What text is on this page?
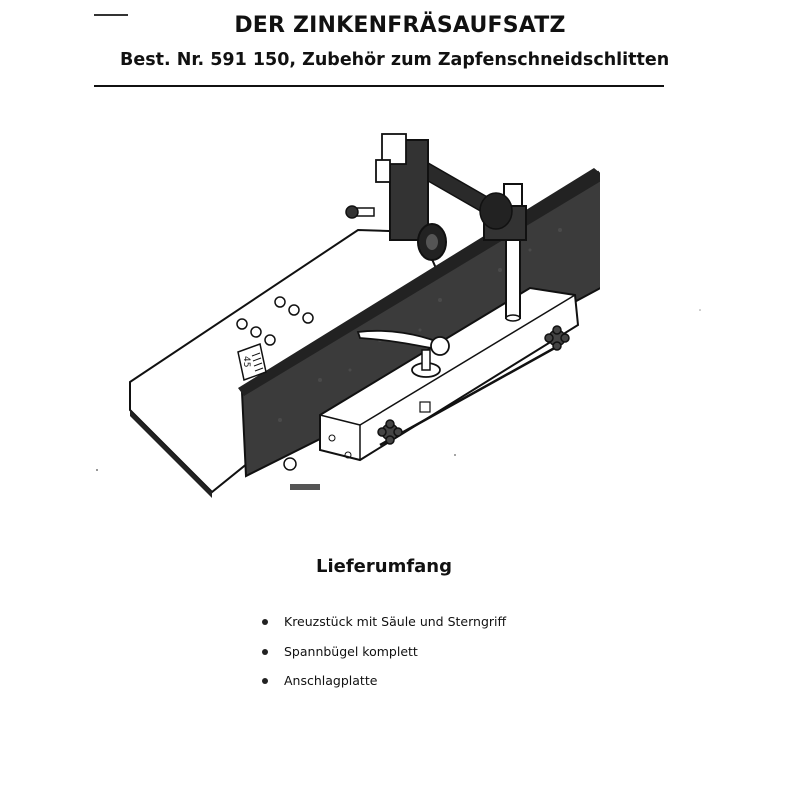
DER ZINKENFRÄSAUFSATZ
Best. Nr. 591 150, Zubehör zum Zapfenschneidschlitten
45
Lieferumfang
Kreuzstück mit Säule und Sterngriff
Spannbügel komplett
Anschlagplatte
